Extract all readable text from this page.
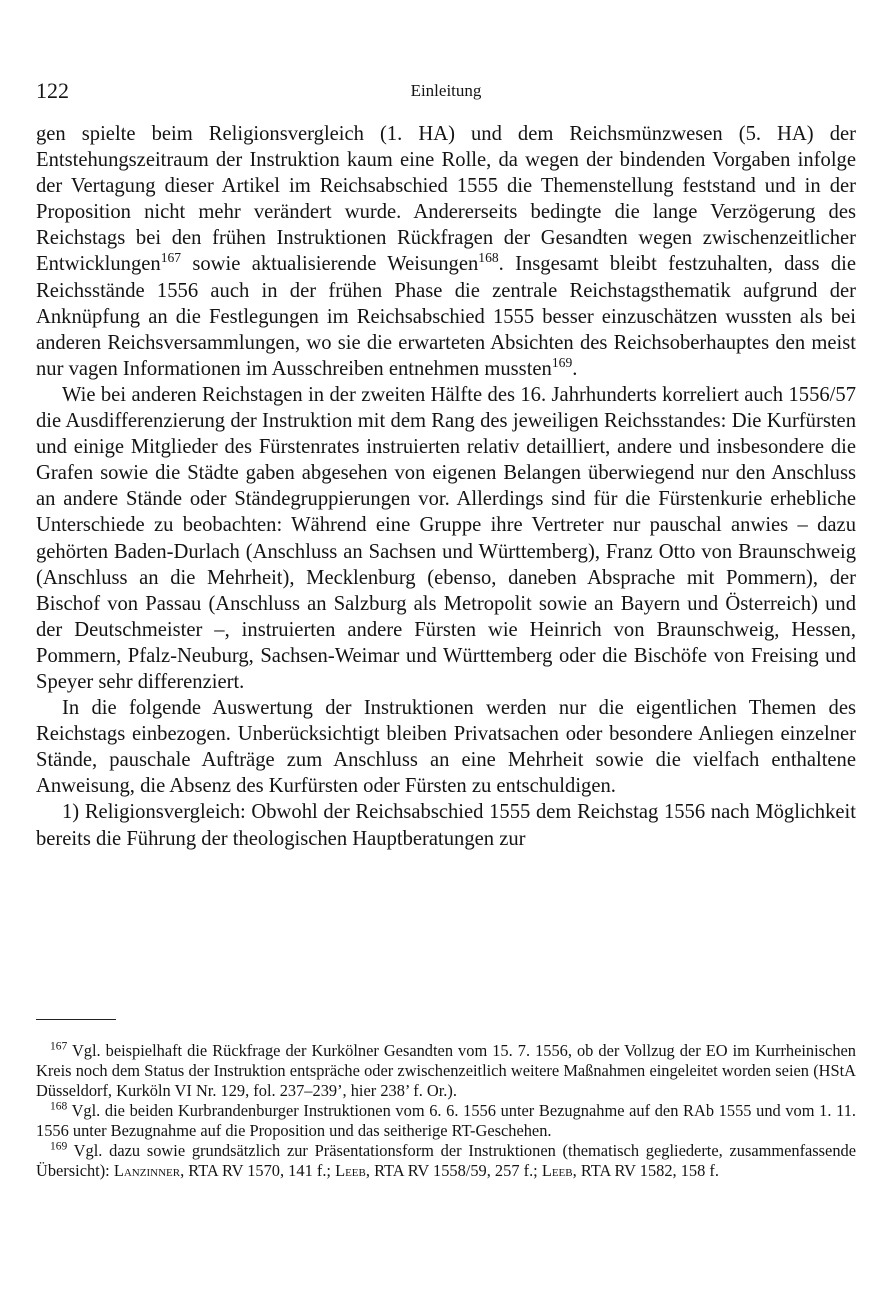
122	Einleitung

gen spielte beim Religionsvergleich (1. HA) und dem Reichsmünzwesen (5. HA) der Entstehungszeitraum der Instruktion kaum eine Rolle, da wegen der bindenden Vorgaben infolge der Vertagung dieser Artikel im Reichsabschied 1555 die Themenstellung feststand und in der Proposition nicht mehr verändert wurde. Andererseits bedingte die lange Verzögerung des Reichstags bei den frühen Instruktionen Rückfragen der Gesandten wegen zwischenzeitlicher Entwicklungen$^{167}$ sowie aktualisierende Weisungen$^{168}$. Insgesamt bleibt festzuhalten, dass die Reichsstände 1556 auch in der frühen Phase die zentrale Reichstagsthematik aufgrund der Anknüpfung an die Festlegungen im Reichsabschied 1555 besser einzuschätzen wussten als bei anderen Reichsversammlungen, wo sie die erwarteten Absichten des Reichsoberhauptes den meist nur vagen Informationen im Ausschreiben entnehmen mussten$^{169}$.

Wie bei anderen Reichstagen in der zweiten Hälfte des 16. Jahrhunderts korreliert auch 1556/57 die Ausdifferenzierung der Instruktion mit dem Rang des jeweiligen Reichsstandes: Die Kurfürsten und einige Mitglieder des Fürstenrates instruierten relativ detailliert, andere und insbesondere die Grafen sowie die Städte gaben abgesehen von eigenen Belangen überwiegend nur den Anschluss an andere Stände oder Ständegruppierungen vor. Allerdings sind für die Fürstenkurie erhebliche Unterschiede zu beobachten: Während eine Gruppe ihre Vertreter nur pauschal anwies – dazu gehörten Baden-Durlach (Anschluss an Sachsen und Württemberg), Franz Otto von Braunschweig (Anschluss an die Mehrheit), Mecklenburg (ebenso, daneben Absprache mit Pommern), der Bischof von Passau (Anschluss an Salzburg als Metropolit sowie an Bayern und Österreich) und der Deutschmeister –, instruierten andere Fürsten wie Heinrich von Braunschweig, Hessen, Pommern, Pfalz-Neuburg, Sachsen-Weimar und Württemberg oder die Bischöfe von Freising und Speyer sehr differenziert.

In die folgende Auswertung der Instruktionen werden nur die eigentlichen Themen des Reichstags einbezogen. Unberücksichtigt bleiben Privatsachen oder besondere Anliegen einzelner Stände, pauschale Aufträge zum Anschluss an eine Mehrheit sowie die vielfach enthaltene Anweisung, die Absenz des Kurfürsten oder Fürsten zu entschuldigen.

1) Religionsvergleich: Obwohl der Reichsabschied 1555 dem Reichstag 1556 nach Möglichkeit bereits die Führung der theologischen Hauptberatungen zur

$^{167}$ Vgl. beispielhaft die Rückfrage der Kurkölner Gesandten vom 15. 7. 1556, ob der Vollzug der EO im Kurrheinischen Kreis noch dem Status der Instruktion entspräche oder zwischenzeitlich weitere Maßnahmen eingeleitet worden seien (HStA Düsseldorf, Kurköln VI Nr. 129, fol. 237–239’, hier 238’ f. Or.).

$^{168}$ Vgl. die beiden Kurbrandenburger Instruktionen vom 6. 6. 1556 unter Bezugnahme auf den RAb 1555 und vom 1. 11. 1556 unter Bezugnahme auf die Proposition und das seitherige RT-Geschehen.

$^{169}$ Vgl. dazu sowie grundsätzlich zur Präsentationsform der Instruktionen (thematisch gegliederte, zusammenfassende Übersicht): Lanzinner, RTA RV 1570, 141 f.; Leeb, RTA RV 1558/59, 257 f.; Leeb, RTA RV 1582, 158 f.
